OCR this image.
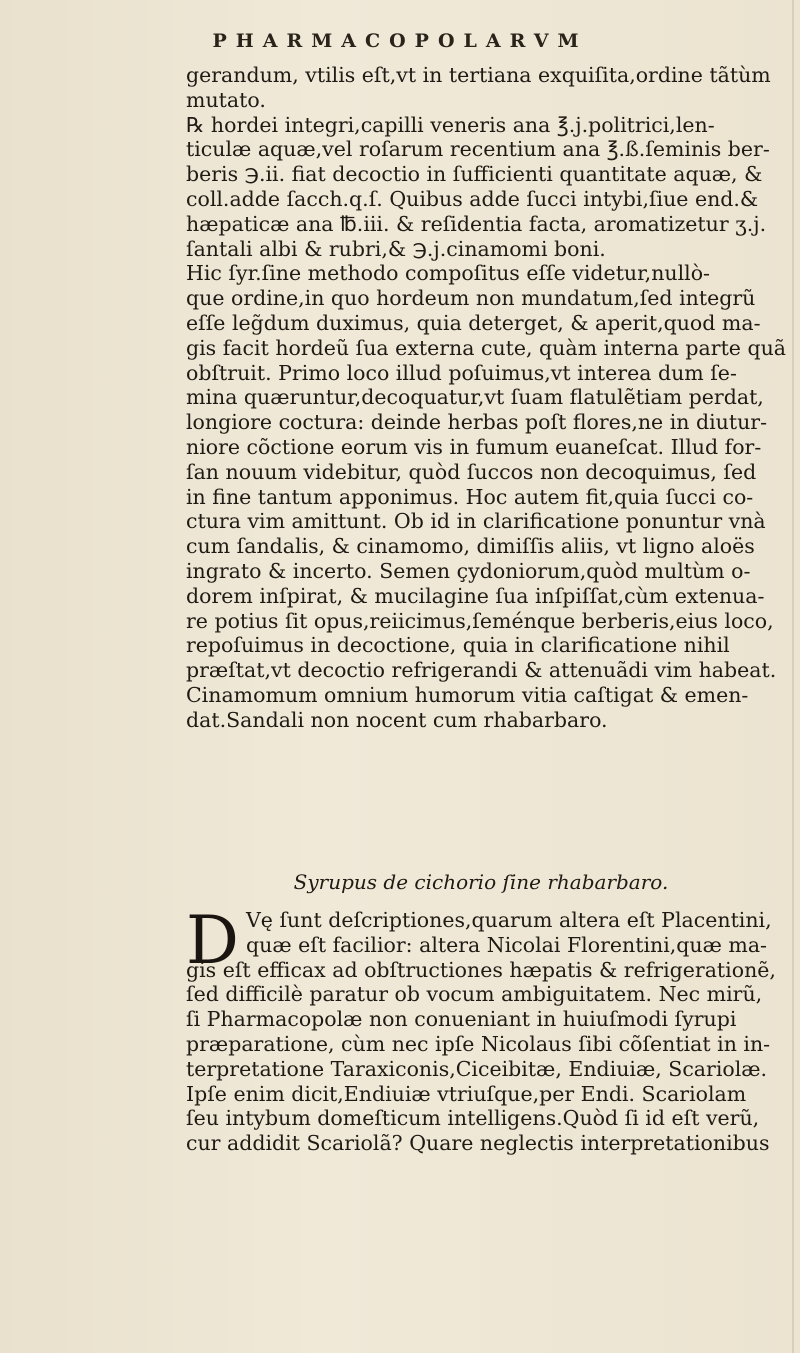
PHARMACOPOLARVM
gerandum, vtilis eſt,vt in tertiana exquiſita,ordine tãtùm
mutato.
℞ hordei integri,capilli veneris ana ℥.j.politrici,len-
ticulæ aquæ,vel roſarum recentium ana ℥.ß.ſeminis ber-
beris ℈.ii. fiat decoctio in ſufficienti quantitate aquæ, &
coll.adde ſacch.q.ſ. Quibus adde ſucci intybi,ſiue end.&
hæpaticæ ana ℔.iii. & reſidentia facta, aromatizetur ʒ.j.
ſantali albi & rubri,& ℈.j.cinamomi boni.
Hic ſyr.ſine methodo compoſitus eſſe videtur,nullò-
que ordine,in quo hordeum non mundatum,ſed integrũ
eſſe leg̃dum duximus, quia deterget, & aperit,quod ma-
gis facit hordeũ ſua externa cute, quàm interna parte quã
obſtruit. Primo loco illud poſuimus,vt interea dum ſe-
mina quæruntur,decoquatur,vt ſuam flatulẽtiam perdat,
longiore coctura: deinde herbas poſt flores,ne in diutur-
niore cõctione eorum vis in fumum euaneſcat. Illud for-
ſan nouum videbitur, quòd ſuccos non decoquimus, ſed
in fine tantum apponimus. Hoc autem fit,quia ſucci co-
ctura vim amittunt. Ob id in clarificatione ponuntur vnà
cum ſandalis, & cinamomo, dimiſſis aliis, vt ligno aloës
ingrato & incerto. Semen çydoniorum,quòd multùm o-
dorem inſpirat, & mucilagine ſua inſpiſſat,cùm extenua-
re potius ſit opus,reiicimus,ſeménque berberis,eius loco,
repoſuimus in decoctione, quia in clarificatione nihil
præſtat,vt decoctio refrigerandi & attenuãdi vim habeat.
Cinamomum omnium humorum vitia caſtigat & emen-
dat.Sandali non nocent cum rhabarbaro.
Syrupus de cichorio ſine rhabarbaro.
D Vę ſunt deſcriptiones,quarum altera eſt Placentini,
quæ eſt facilior: altera Nicolai Florentini,quæ ma-
gis eſt efficax ad obſtructiones hæpatis & refrigerationẽ,
ſed difficilè paratur ob vocum ambiguitatem. Nec mirũ,
ſi Pharmacopolæ non conueniant in huiuſmodi ſyrupi
præparatione, cùm nec ipſe Nicolaus ſibi cõſentiat in in-
terpretatione Taraxiconis,Ciceibitæ, Endiuiæ, Scariolæ.
Ipſe enim dicit,Endiuiæ vtriuſque,per Endi. Scariolam
ſeu intybum domeſticum intelligens.Quòd ſi id eſt verũ,
cur addidit Scariolã? Quare neglectis interpretationibus
